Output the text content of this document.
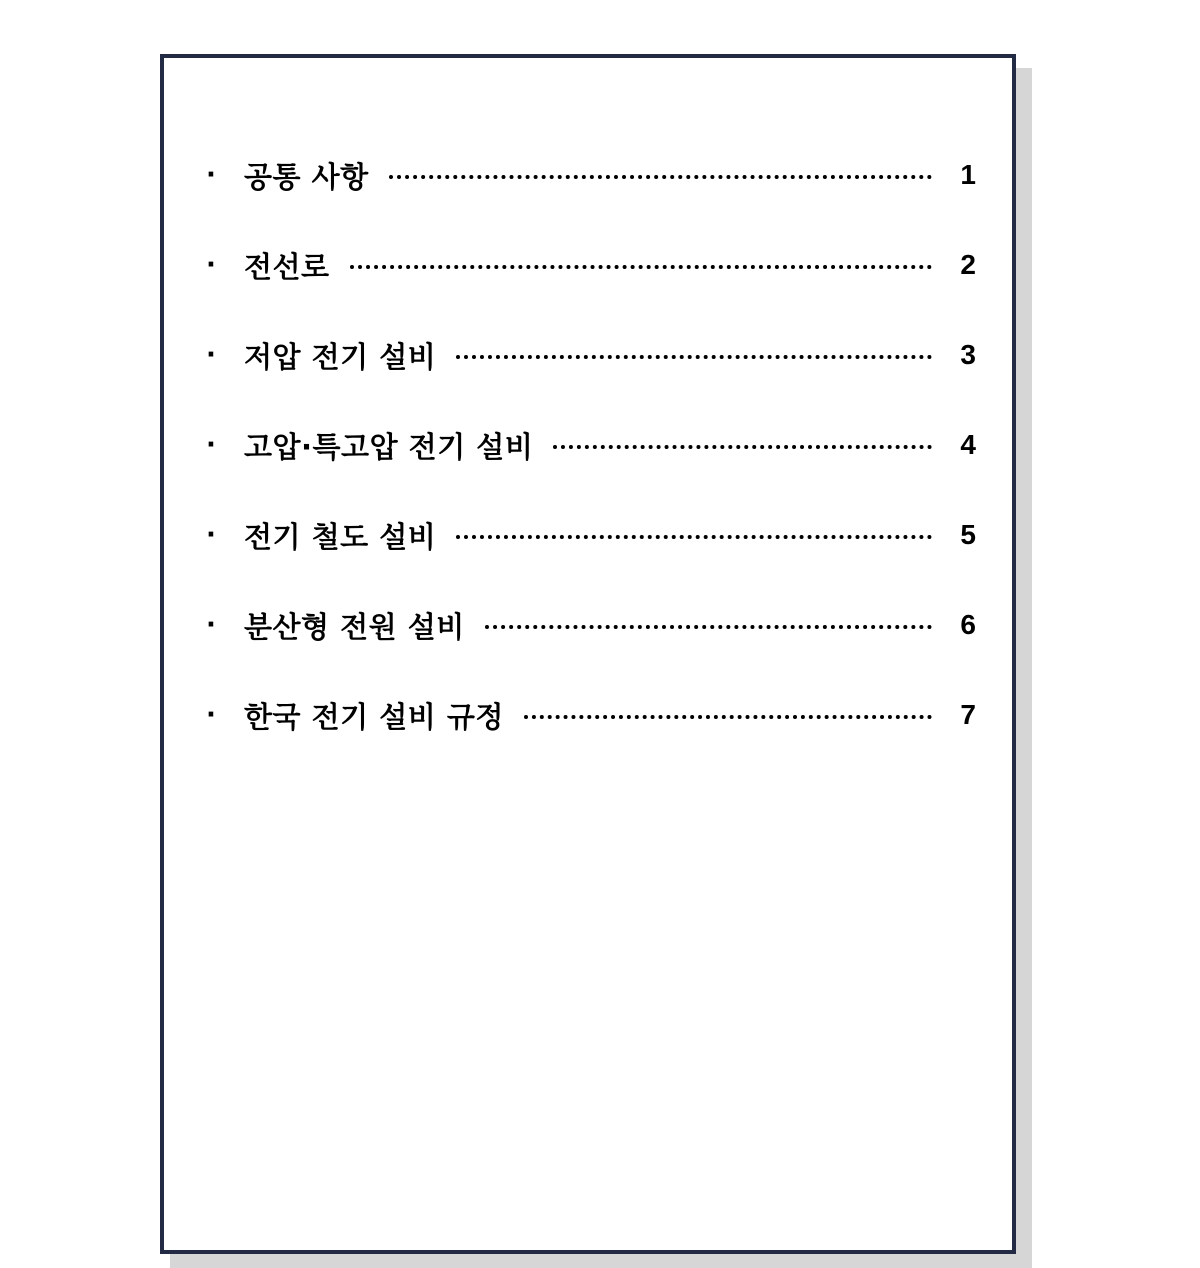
· 공통 사항	1
· 전선로	2
· 저압 전기 설비	3
· 고압·특고압 전기 설비	4
· 전기 철도 설비	5
· 분산형 전원 설비	6
· 한국 전기 설비 규정	7
